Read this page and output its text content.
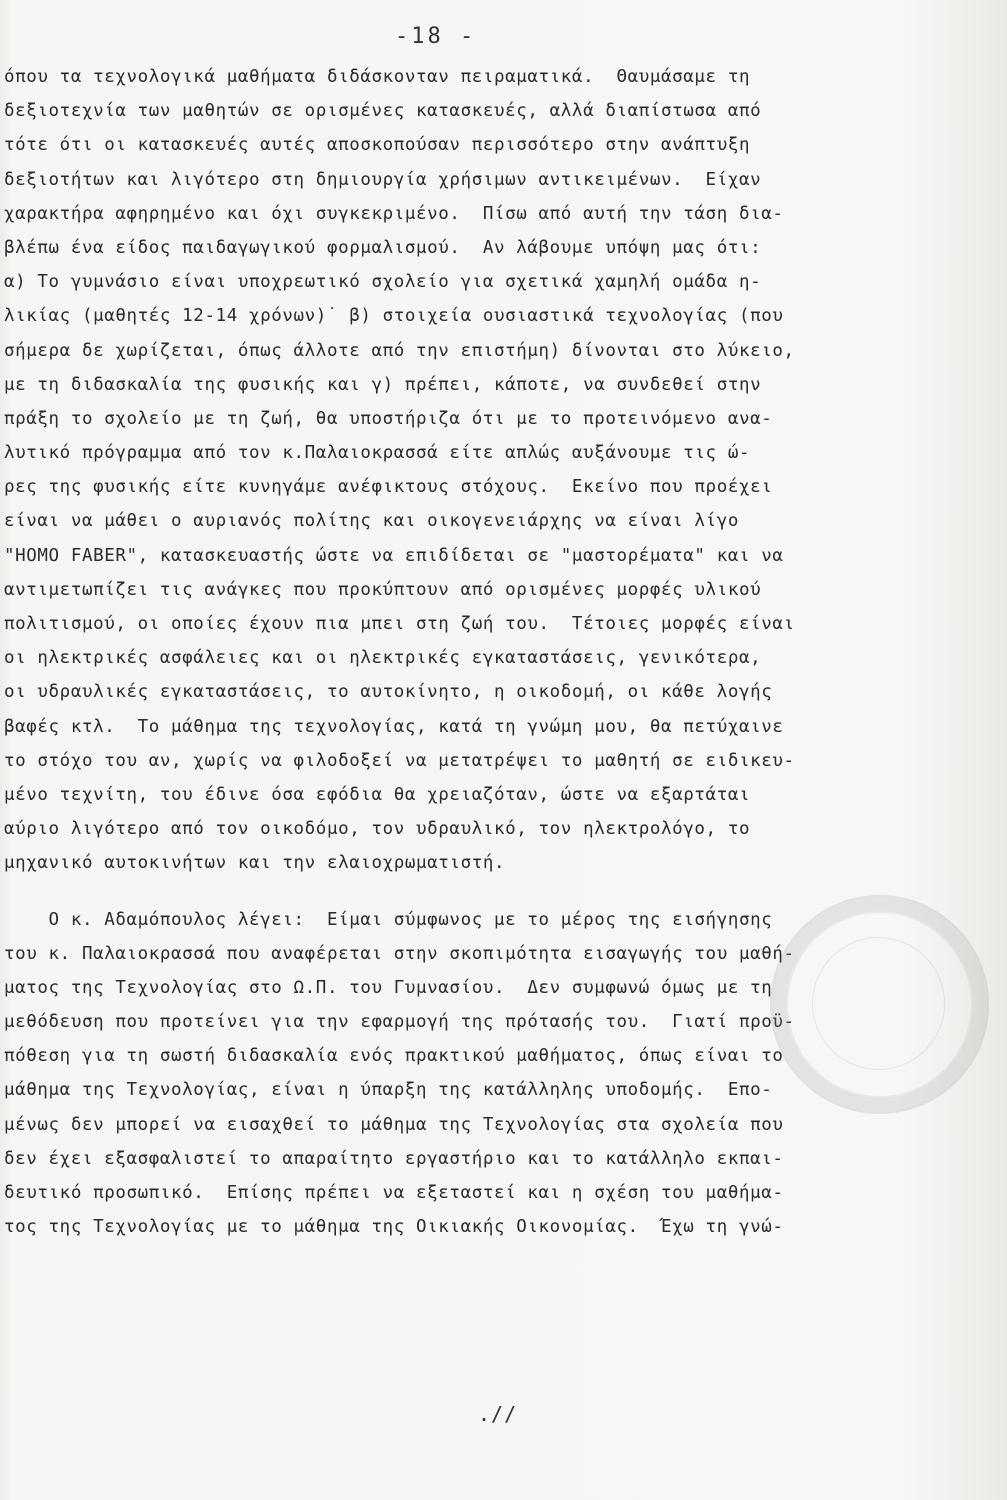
-18 -
όπου τα τεχνολογικά μαθήματα διδάσκονταν πειραματικά.  Θαυμάσαμε τη
δεξιοτεχνία των μαθητών σε ορισμένες κατασκευές, αλλά διαπίστωσα από
τότε ότι οι κατασκευές αυτές αποσκοπούσαν περισσότερο στην ανάπτυξη
δεξιοτήτων και λιγότερο στη δημιουργία χρήσιμων αντικειμένων.  Είχαν
χαρακτήρα αφηρημένο και όχι συγκεκριμένο.  Πίσω από αυτή την τάση δια-
βλέπω ένα είδος παιδαγωγικού φορμαλισμού.  Αν λάβουμε υπόψη μας ότι:
α) Το γυμνάσιο είναι υποχρεωτικό σχολείο για σχετικά χαμηλή ομάδα η-
λικίας (μαθητές 12-14 χρόνων)˙ β) στοιχεία ουσιαστικά τεχνολογίας (που
σήμερα δε χωρίζεται, όπως άλλοτε από την επιστήμη) δίνονται στο λύκειο,
με τη διδασκαλία της φυσικής και γ) πρέπει, κάποτε, να συνδεθεί στην
πράξη το σχολείο με τη ζωή, θα υποστήριζα ότι με το προτεινόμενο ανα-
λυτικό πρόγραμμα από τον κ.Παλαιοκρασσά είτε απλώς αυξάνουμε τις ώ-
ρες της φυσικής είτε κυνηγάμε ανέφικτους στόχους.  Εκείνο που προέχει
είναι να μάθει ο αυριανός πολίτης και οικογενειάρχης να είναι λίγο
"HOMO FABER", κατασκευαστής ώστε να επιδίδεται σε "μαστορέματα" και να
αντιμετωπίζει τις ανάγκες που προκύπτουν από ορισμένες μορφές υλικού
πολιτισμού, οι οποίες έχουν πια μπει στη ζωή του.  Τέτοιες μορφές είναι
οι ηλεκτρικές ασφάλειες και οι ηλεκτρικές εγκαταστάσεις, γενικότερα,
οι υδραυλικές εγκαταστάσεις, το αυτοκίνητο, η οικοδομή, οι κάθε λογής
βαφές κτλ.  Το μάθημα της τεχνολογίας, κατά τη γνώμη μου, θα πετύχαινε
το στόχο του αν, χωρίς να φιλοδοξεί να μετατρέψει το μαθητή σε ειδικευ-
μένο τεχνίτη, του έδινε όσα εφόδια θα χρειαζόταν, ώστε να εξαρτάται
αύριο λιγότερο από τον οικοδόμο, τον υδραυλικό, τον ηλεκτρολόγο, το
μηχανικό αυτοκινήτων και την ελαιοχρωματιστή.
Ο κ. Αδαμόπουλος λέγει:  Είμαι σύμφωνος με το μέρος της εισήγησης
του κ. Παλαιοκρασσά που αναφέρεται στην σκοπιμότητα εισαγωγής του μαθή-
ματος της Τεχνολογίας στο Ω.Π. του Γυμνασίου.  Δεν συμφωνώ όμως με τη
μεθόδευση που προτείνει για την εφαρμογή της πρότασής του.  Γιατί προϋ-
πόθεση για τη σωστή διδασκαλία ενός πρακτικού μαθήματος, όπως είναι το
μάθημα της Τεχνολογίας, είναι η ύπαρξη της κατάλληλης υποδομής.  Επο-
μένως δεν μπορεί να εισαχθεί το μάθημα της Τεχνολογίας στα σχολεία που
δεν έχει εξασφαλιστεί το απαραίτητο εργαστήριο και το κατάλληλο εκπαι-
δευτικό προσωπικό.  Επίσης πρέπει να εξεταστεί και η σχέση του μαθήμα-
τος της Τεχνολογίας με το μάθημα της Οικιακής Οικονομίας.  Έχω τη γνώ-
.//
